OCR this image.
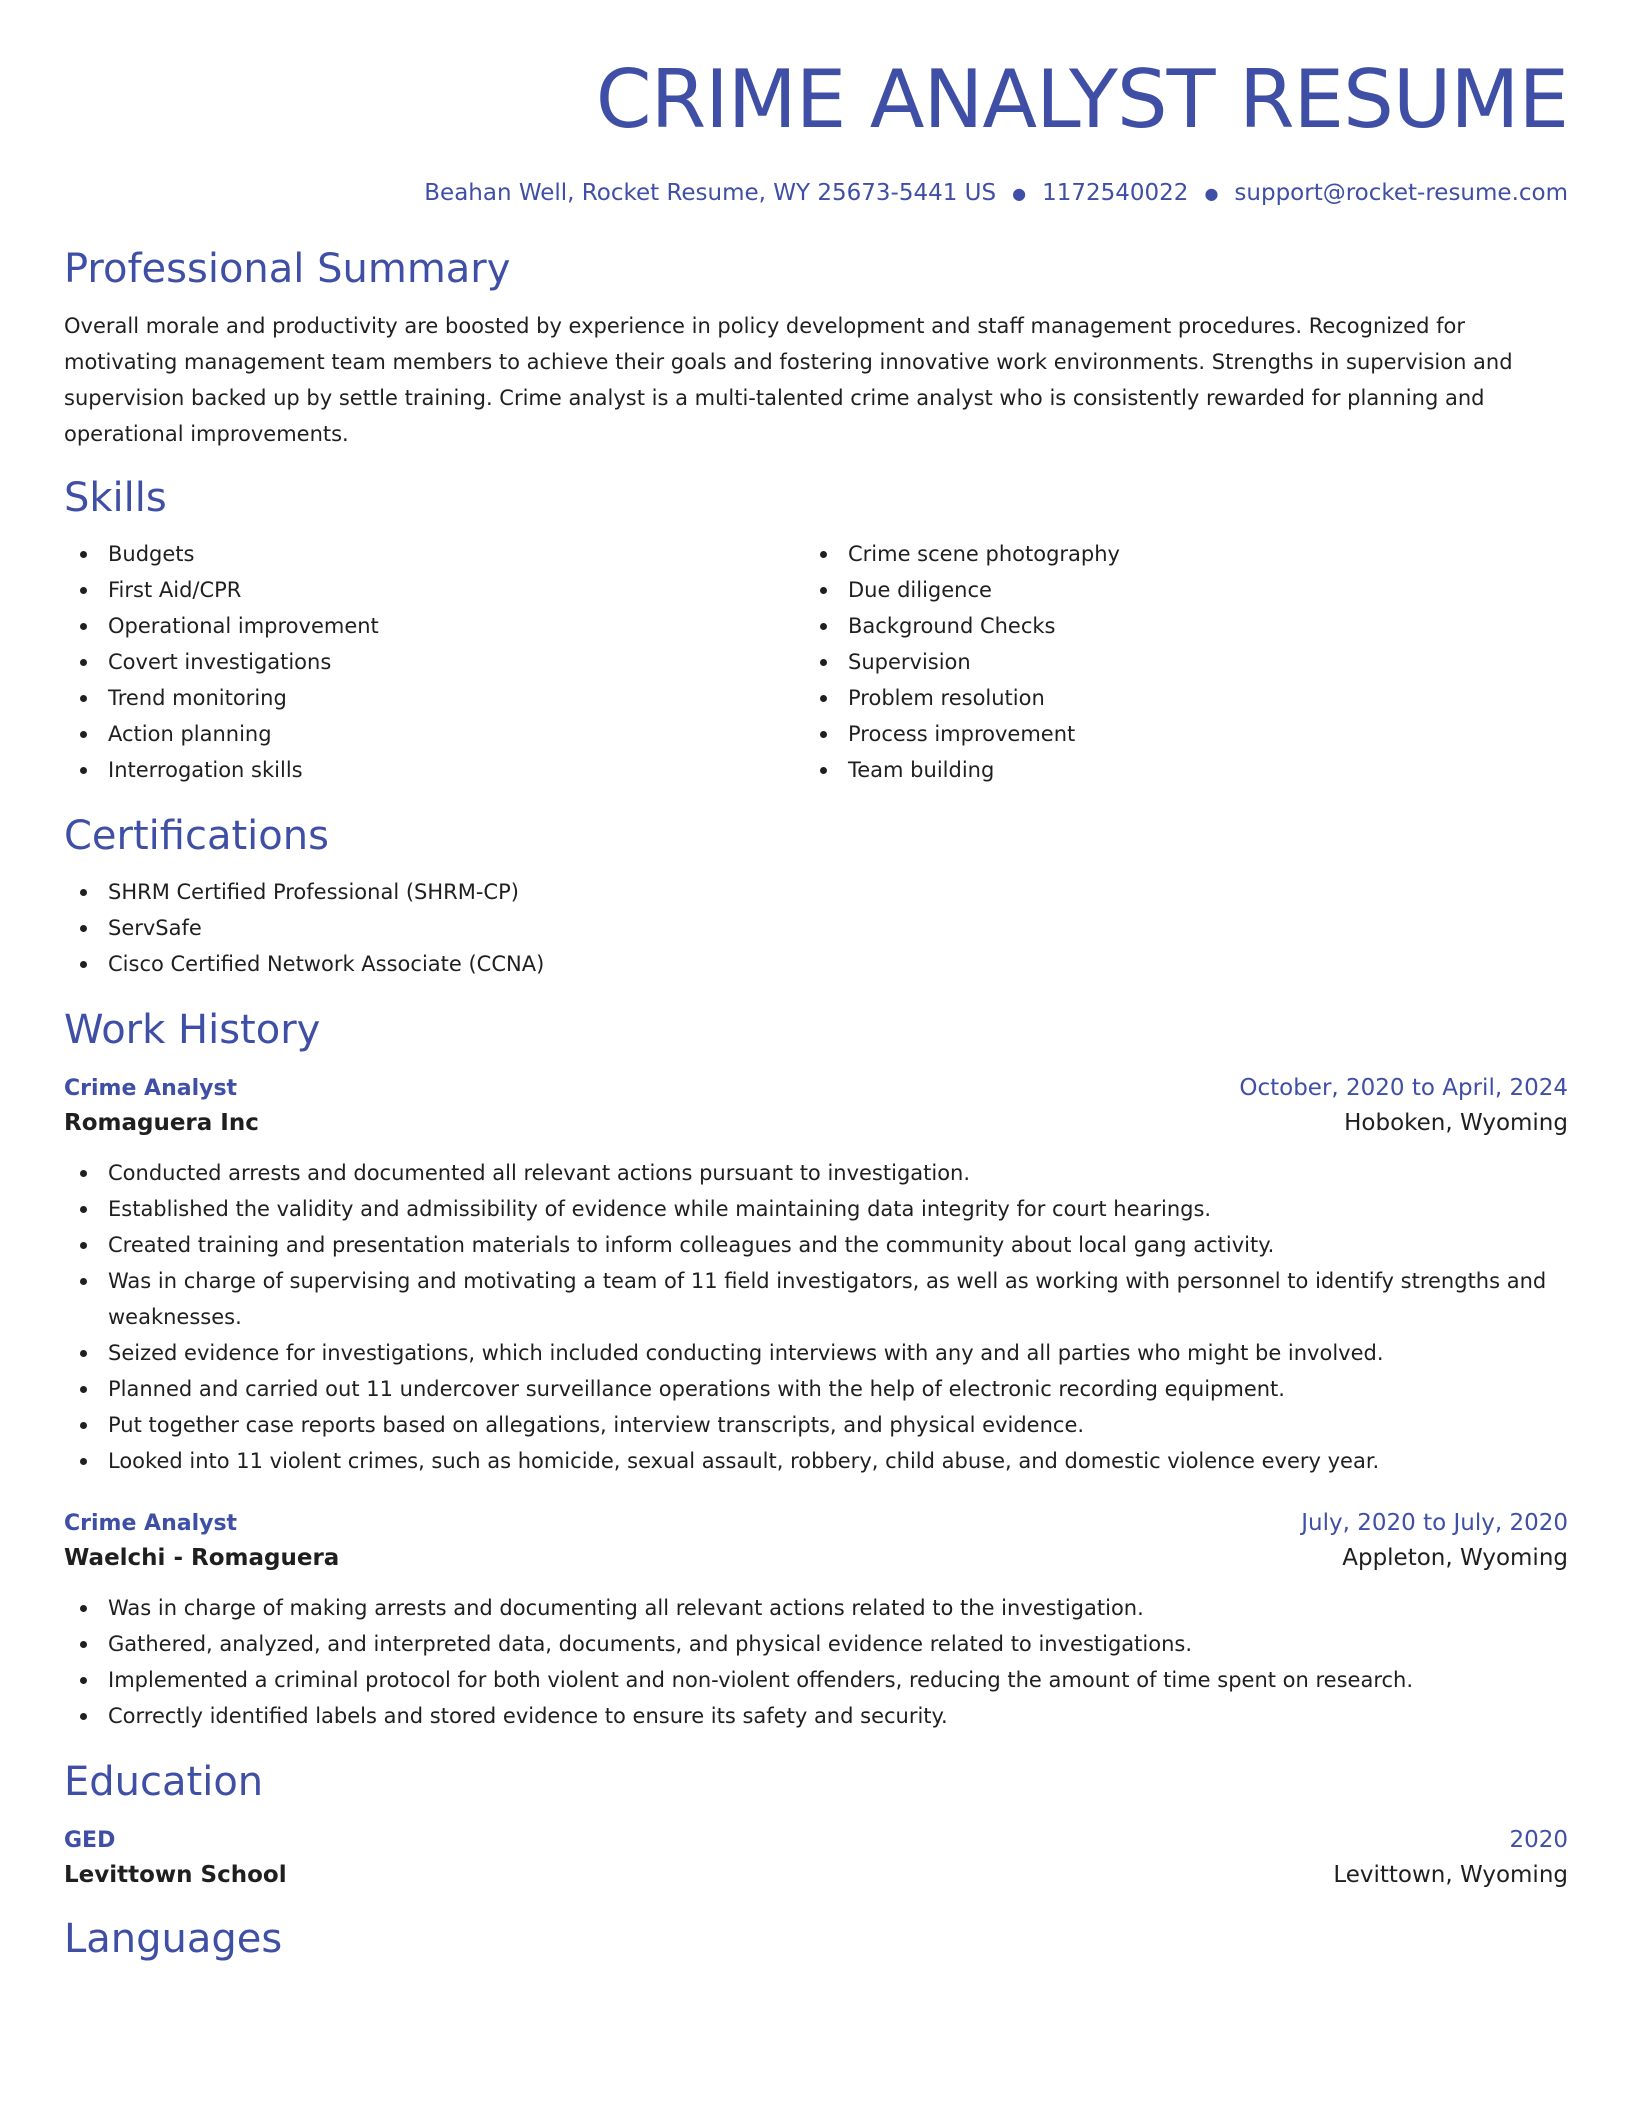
CRIME ANALYST RESUME
Beahan Well, Rocket Resume, WY 25673-5441 US ● 1172540022 ● support@rocket-resume.com
Professional Summary

Overall morale and productivity are boosted by experience in policy development and staff management procedures. Recognized for motivating management team members to achieve their goals and fostering innovative work environments. Strengths in supervision and supervision backed up by settle training. Crime analyst is a multi-talented crime analyst who is consistently rewarded for planning and operational improvements.

Skills
Budgets
First Aid/CPR
Operational improvement
Covert investigations
Trend monitoring
Action planning
Interrogation skills
Crime scene photography
Due diligence
Background Checks
Supervision
Problem resolution
Process improvement
Team building
Certifications
SHRM Certified Professional (SHRM-CP)
ServSafe
Cisco Certified Network Associate (CCNA)
Work History
Crime Analyst	October, 2020 to April, 2024
Romaguera Inc	Hoboken, Wyoming
Conducted arrests and documented all relevant actions pursuant to investigation.
Established the validity and admissibility of evidence while maintaining data integrity for court hearings.
Created training and presentation materials to inform colleagues and the community about local gang activity.
Was in charge of supervising and motivating a team of 11 field investigators, as well as working with personnel to identify strengths and weaknesses.
Seized evidence for investigations, which included conducting interviews with any and all parties who might be involved.
Planned and carried out 11 undercover surveillance operations with the help of electronic recording equipment.
Put together case reports based on allegations, interview transcripts, and physical evidence.
Looked into 11 violent crimes, such as homicide, sexual assault, robbery, child abuse, and domestic violence every year.
Crime Analyst	July, 2020 to July, 2020
Waelchi - Romaguera	Appleton, Wyoming
Was in charge of making arrests and documenting all relevant actions related to the investigation.
Gathered, analyzed, and interpreted data, documents, and physical evidence related to investigations.
Implemented a criminal protocol for both violent and non-violent offenders, reducing the amount of time spent on research.
Correctly identified labels and stored evidence to ensure its safety and security.
Education
GED	2020
Levittown School	Levittown, Wyoming
Languages
